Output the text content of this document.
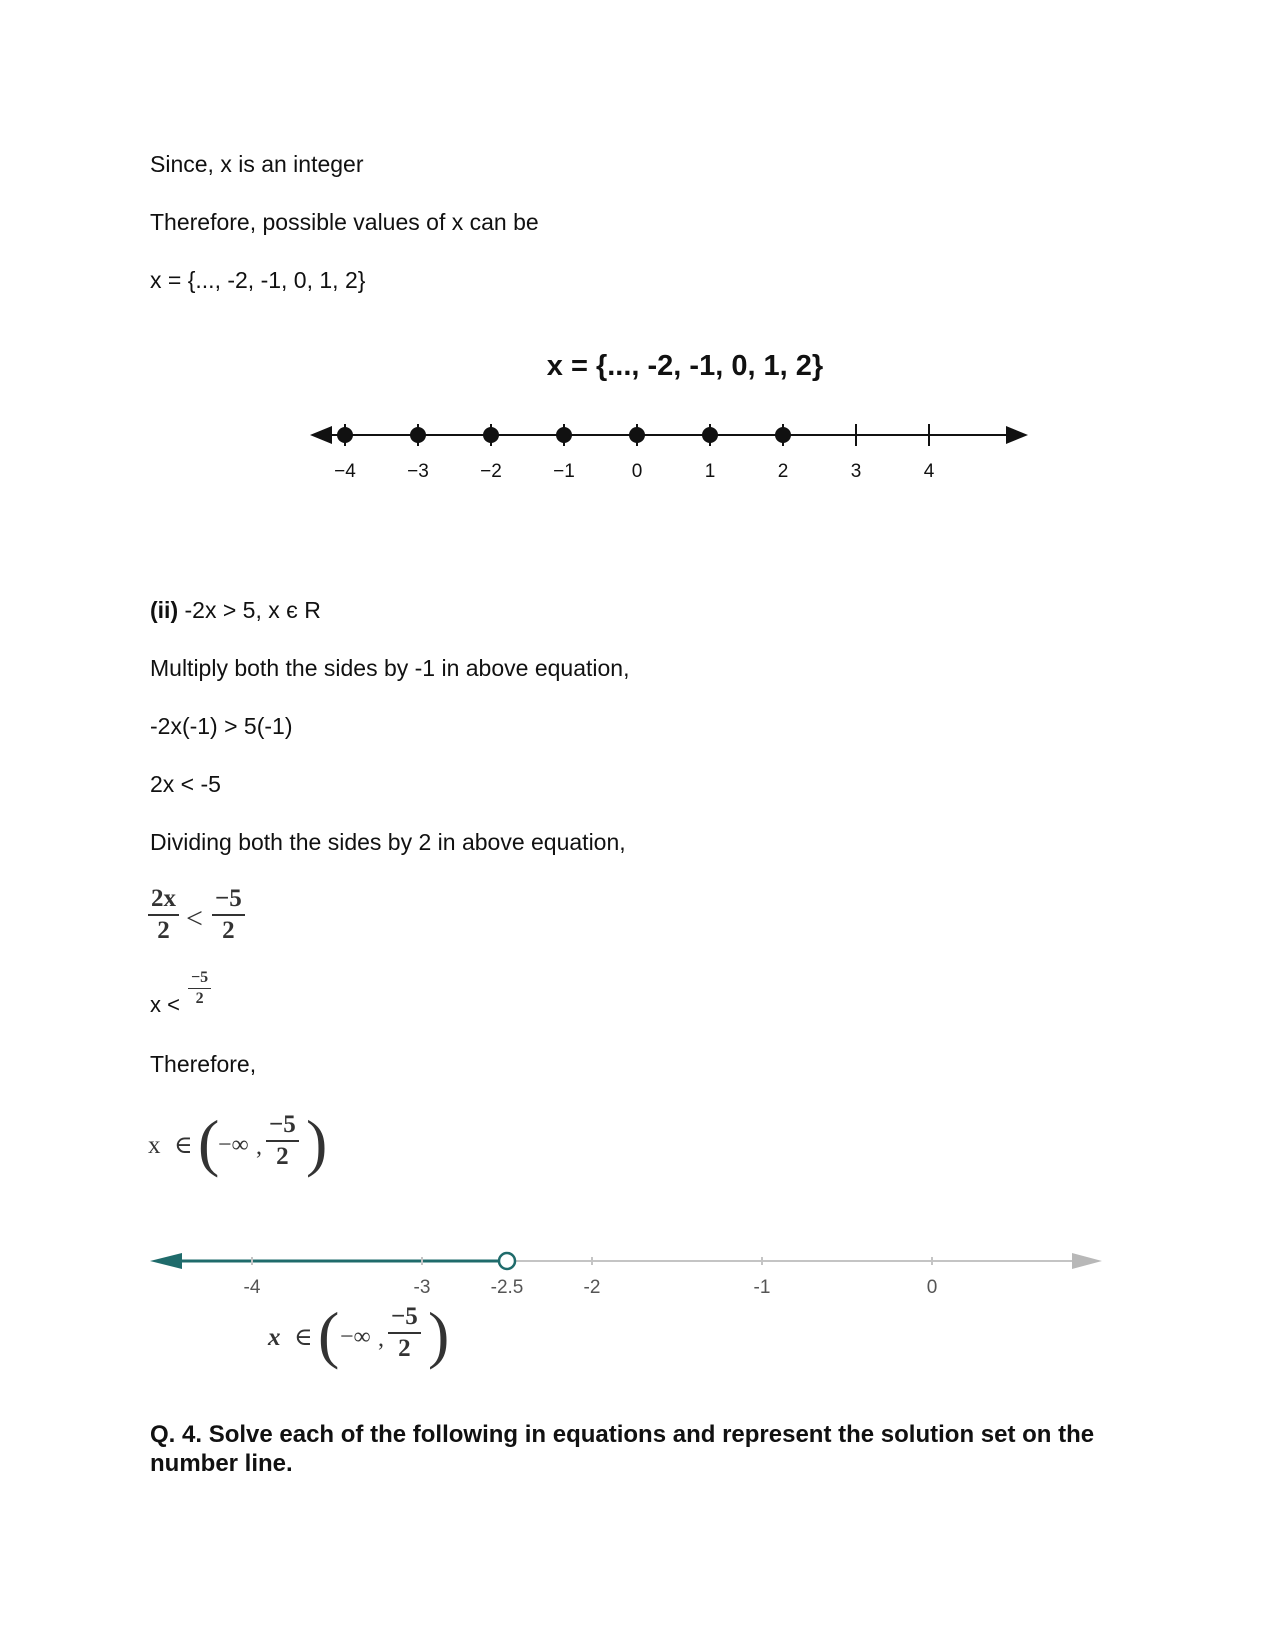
Since, x is an integer
Therefore, possible values of x can be
x = {..., -2, -1, 0, 1, 2}
x = {..., -2, -1, 0, 1, 2}
−4	−3	−2	−1	0	1	2	3	4
(ii) -2x > 5, x є R
Multiply both the sides by -1 in above equation,
-2x(-1) > 5(-1)
2x < -5
Dividing both the sides by 2 in above equation,
$\frac{2x}{2} < \frac{-5}{2}$
$x < \frac{-5}{2}$
Therefore,
x ∈ (
−∞ , $\frac{-5}{2}$ )
-4	-3	-2.5	-2	-1	0
x ∈ ( −∞ , $\frac{-5}{2}$ )
Q. 4. Solve each of the following in equations and represent the solution set on the number line.
